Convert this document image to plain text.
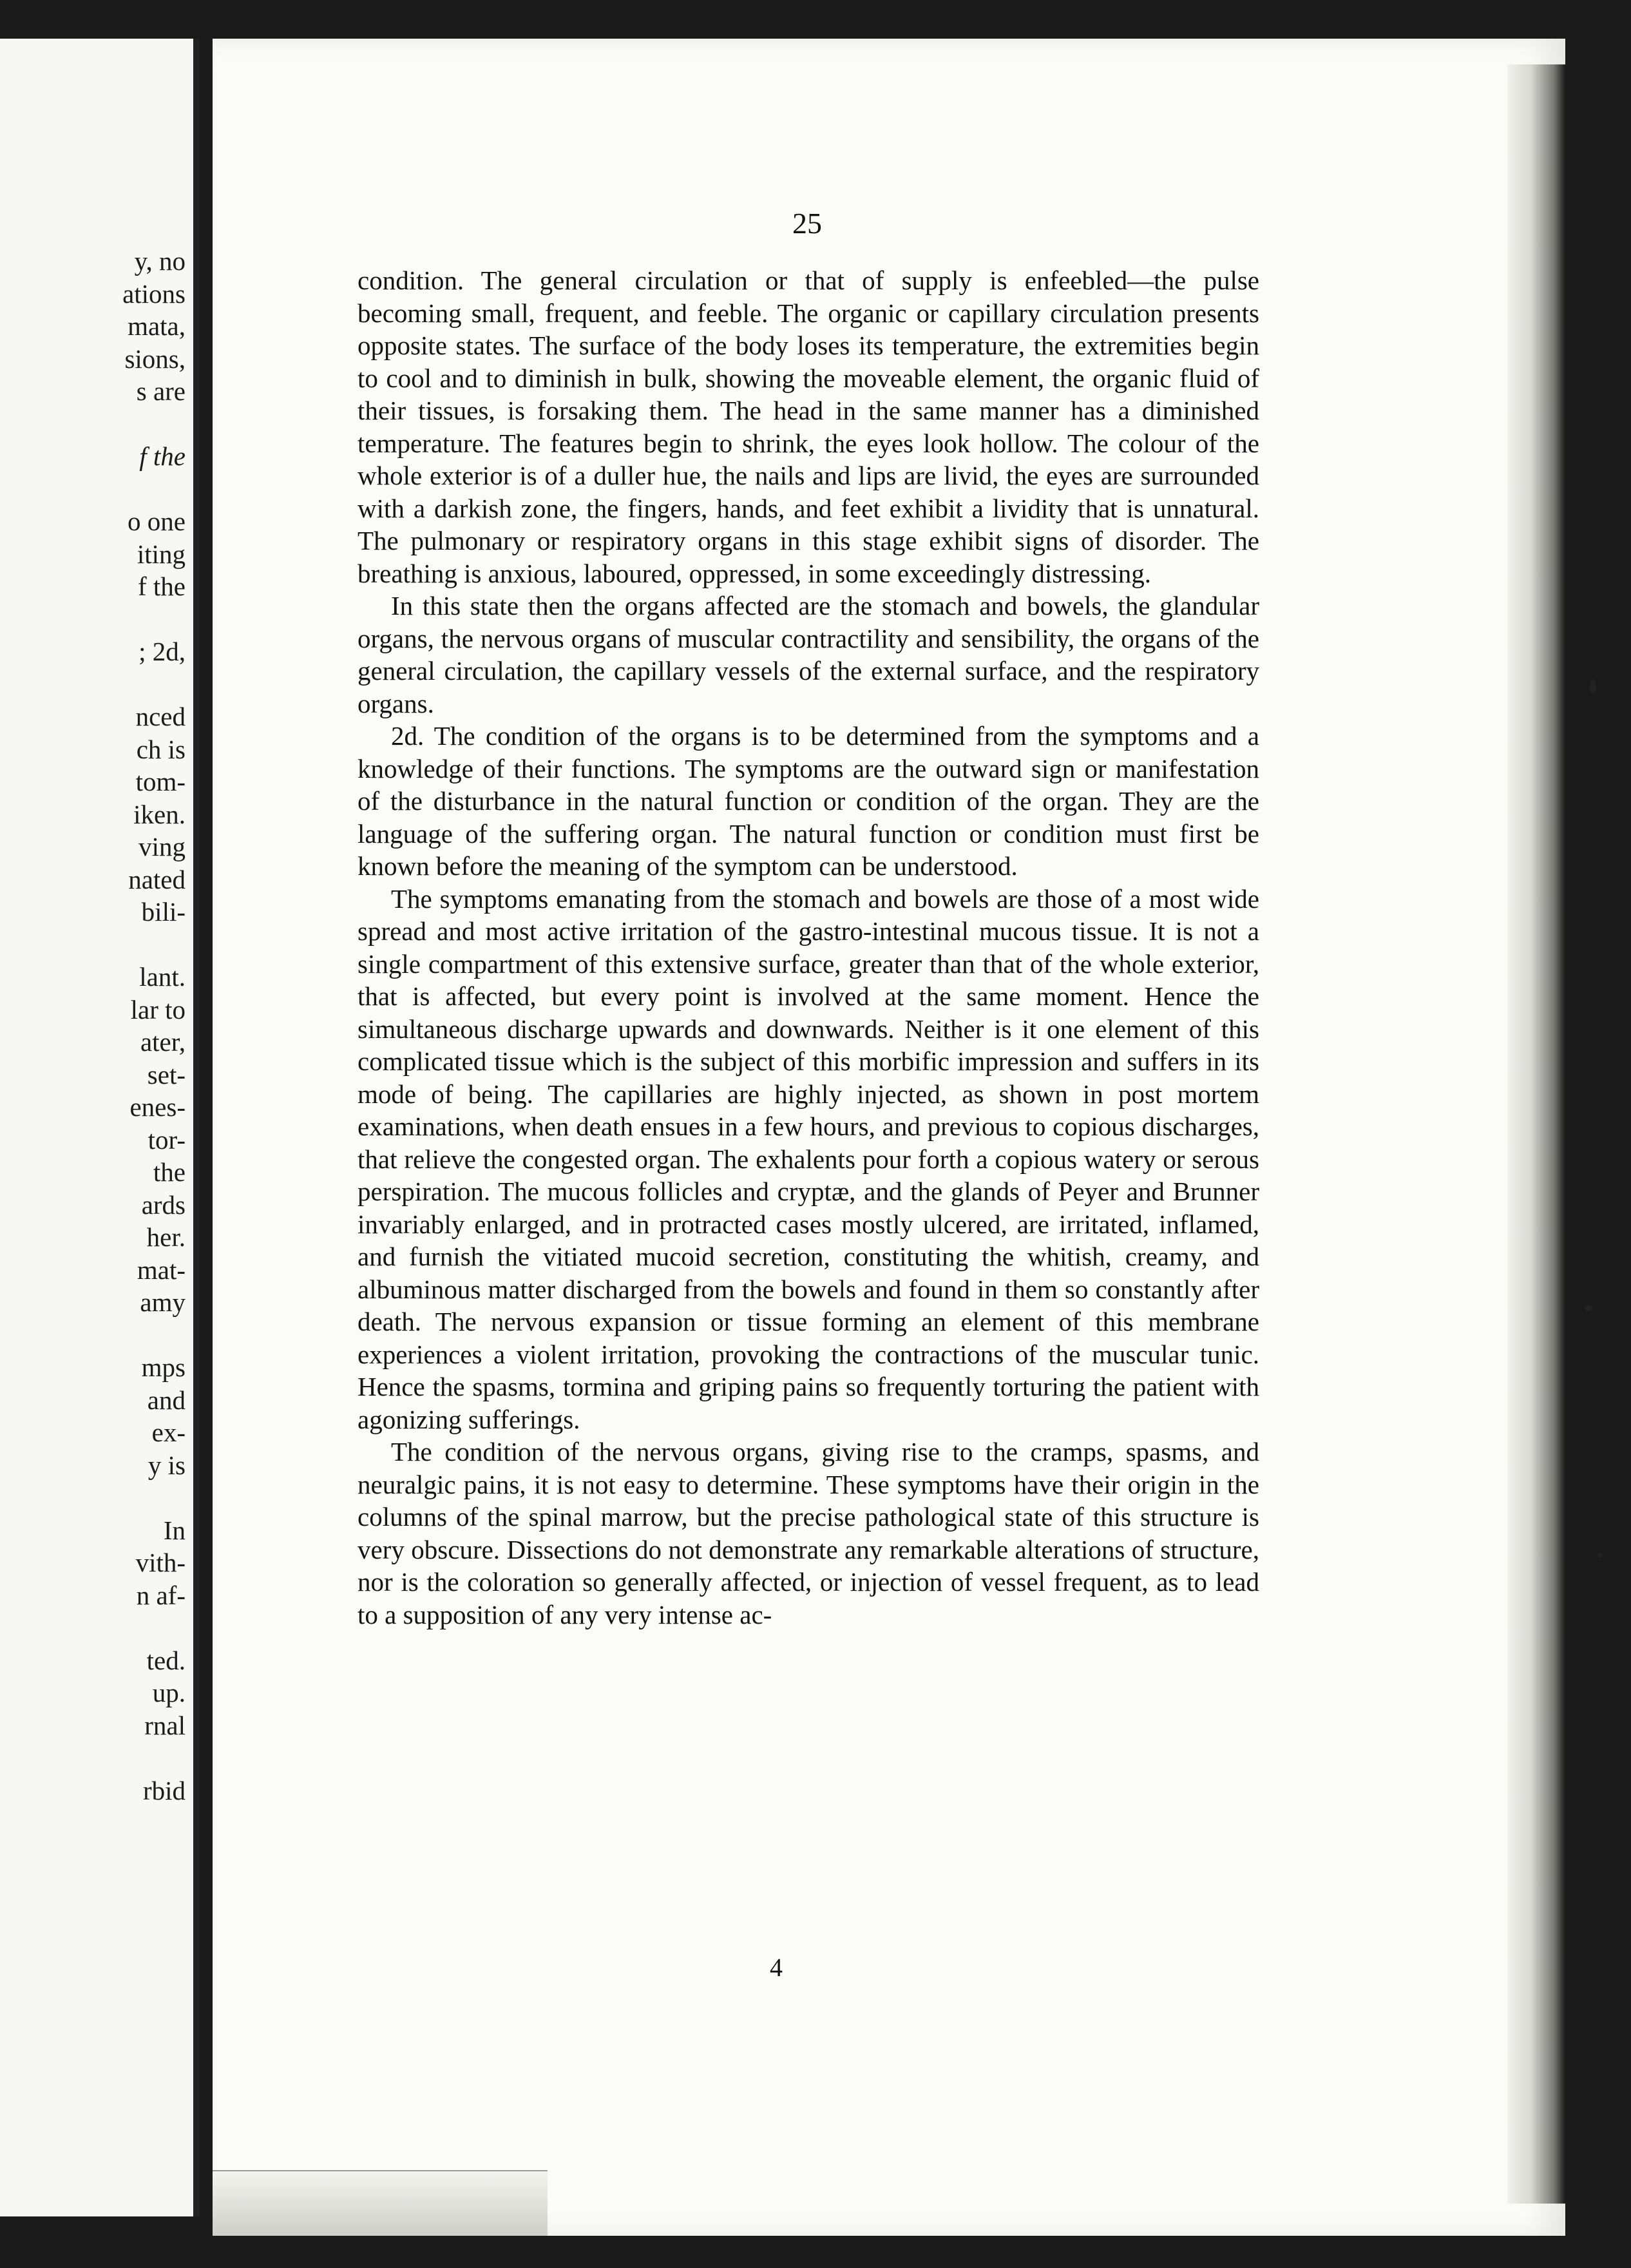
y, no
ations
mata,
sions,
s are

f the

o one
iting
f the

; 2d,

nced
ch is
tom-
iken.
ving
nated
bili-

lant.
lar to
ater,
set-
enes-
tor-
the
ards
her.
mat-
amy

mps
and
ex-
y is

In
vith-
n af-

ted.
up.
rnal

rbid
25

condition. The general circulation or that of supply is enfeebled—the pulse becoming small, frequent, and feeble. The organic or capillary circulation presents opposite states. The surface of the body loses its temperature, the extremities begin to cool and to diminish in bulk, showing the moveable element, the organic fluid of their tissues, is forsaking them. The head in the same manner has a diminished temperature. The features begin to shrink, the eyes look hollow. The colour of the whole exterior is of a duller hue, the nails and lips are livid, the eyes are surrounded with a darkish zone, the fingers, hands, and feet exhibit a lividity that is unnatural. The pulmonary or respiratory organs in this stage exhibit signs of disorder. The breathing is anxious, laboured, oppressed, in some exceedingly distressing.

In this state then the organs affected are the stomach and bowels, the glandular organs, the nervous organs of muscular contractility and sensibility, the organs of the general circulation, the capillary vessels of the external surface, and the respiratory organs.

2d. The condition of the organs is to be determined from the symptoms and a knowledge of their functions. The symptoms are the outward sign or manifestation of the disturbance in the natural function or condition of the organ. They are the language of the suffering organ. The natural function or condition must first be known before the meaning of the symptom can be understood.

The symptoms emanating from the stomach and bowels are those of a most wide spread and most active irritation of the gastro-intestinal mucous tissue. It is not a single compartment of this extensive surface, greater than that of the whole exterior, that is affected, but every point is involved at the same moment. Hence the simultaneous discharge upwards and downwards. Neither is it one element of this complicated tissue which is the subject of this morbific impression and suffers in its mode of being. The capillaries are highly injected, as shown in post mortem examinations, when death ensues in a few hours, and previous to copious discharges, that relieve the congested organ. The exhalents pour forth a copious watery or serous perspiration. The mucous follicles and cryptæ, and the glands of Peyer and Brunner invariably enlarged, and in protracted cases mostly ulcered, are irritated, inflamed, and furnish the vitiated mucoid secretion, constituting the whitish, creamy, and albuminous matter discharged from the bowels and found in them so constantly after death. The nervous expansion or tissue forming an element of this membrane experiences a violent irritation, provoking the contractions of the muscular tunic. Hence the spasms, tormina and griping pains so frequently torturing the patient with agonizing sufferings.

The condition of the nervous organs, giving rise to the cramps, spasms, and neuralgic pains, it is not easy to determine. These symptoms have their origin in the columns of the spinal marrow, but the precise pathological state of this structure is very obscure. Dissections do not demonstrate any remarkable alterations of structure, nor is the coloration so generally affected, or injection of vessel frequent, as to lead to a supposition of any very intense ac-

4
